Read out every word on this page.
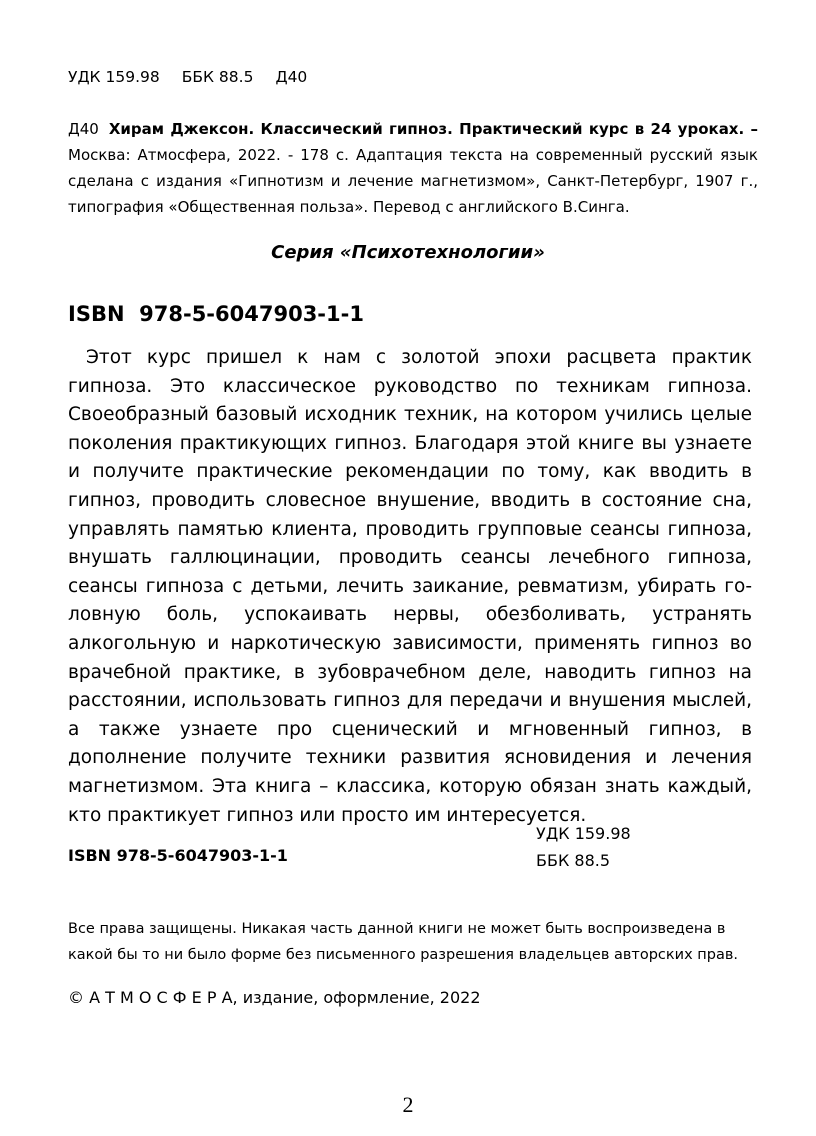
УДК 159.98 ББК 88.5 Д40
Д40 Хирам Джексон. Классический гипноз. Практический курс в 24 уроках. – Москва: Атмосфера, 2022. - 178 с. Адаптация текста на современный русский язык сделана с издания «Гипнотизм и лечение магнетизмом», Санкт-Петербург, 1907 г., типография «Общественная польза». Перевод с английского В.Синга.
Серия «Психотехнологии»
ISBN  978-5-6047903-1-1
Этот курс пришел к нам с золотой эпохи расцвета практик гипноза. Это классическое руководство по техникам гипноза. Своеобразный базовый исходник техник, на котором учились целые поколения практикующих гипноз. Благодаря этой книге вы узнаете и получите практические рекомендации по тому, как вводить в гипноз, проводить словесное внушение, вводить в состояние сна, управлять памятью клиента, проводить групповые сеансы гипноза, внушать галлюцинации, проводить сеансы лечебного гипноза, сеансы гипноза с детьми, лечить заикание, ревматизм, убирать головную боль, успокаивать нервы, обезболивать, устранять алкогольную и наркотическую зависимости, применять гипноз во врачебной практике, в зубоврачебном деле, наводить гипноз на расстоянии, использовать гипноз для передачи и внушения мыслей, а также узнаете про сценический и мгновенный гипноз, в дополнение получите техники развития ясновидения и лечения магнетизмом. Эта книга – классика, которую обязан знать каждый, кто практикует гипноз или просто им интересуется.
УДК 159.98
ББК 88.5
ISBN 978-5-6047903-1-1
Все права защищены. Никакая часть данной книги не может быть воспроизведена в какой бы то ни было форме без письменного разрешения владельцев авторских прав.
© А Т М О С Ф Е Р А, издание, оформление, 2022
2
